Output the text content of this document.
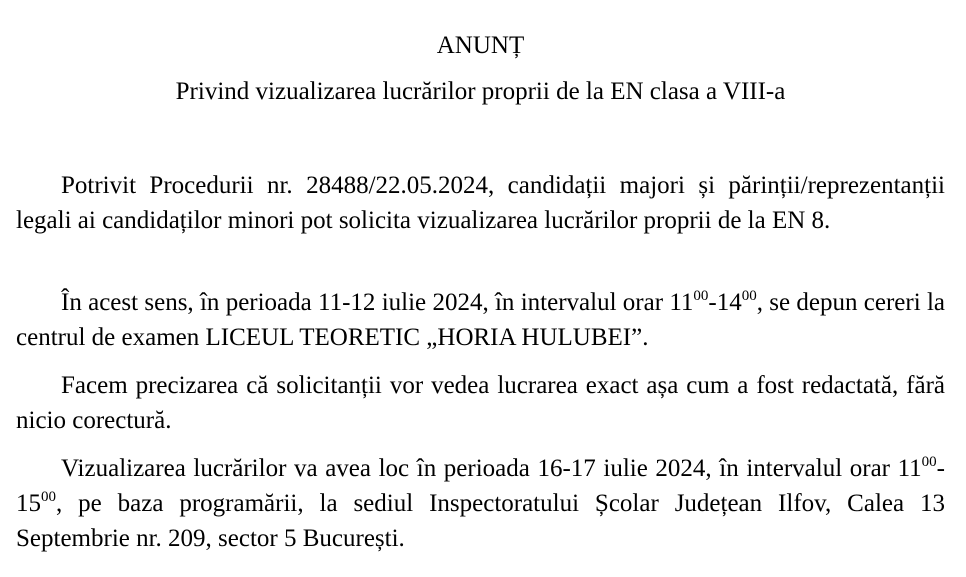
ANUNȚ
Privind vizualizarea lucrărilor proprii de la EN clasa a VIII-a

Potrivit Procedurii nr. 28488/22.05.2024, candidații majori și părinții/reprezentanții legali ai candidaților minori pot solicita vizualizarea lucrărilor proprii de la EN 8.

În acest sens, în perioada 11-12 iulie 2024, în intervalul orar $11^{00}-14^{00}$, se depun cereri la centrul de examen LICEUL TEORETIC „HORIA HULUBEI”.

Facem precizarea că solicitanții vor vedea lucrarea exact așa cum a fost redactată, fără nicio corectură.

Vizualizarea lucrărilor va avea loc în perioada 16-17 iulie 2024, în intervalul orar $11^{00}-15^{00}$, pe baza programării, la sediul Inspectoratului Școlar Județean Ilfov, Calea 13 Septembrie nr. 209, sector 5 București.
